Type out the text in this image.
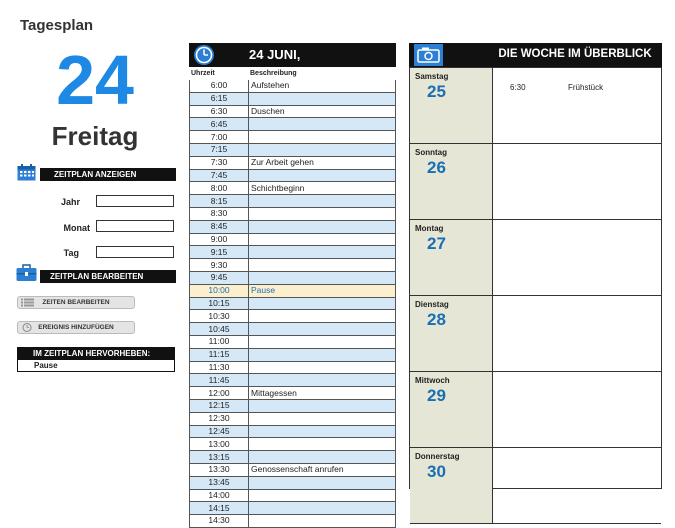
Tagesplan
24
Freitag
ZEITPLAN ANZEIGEN
Jahr
Monat
Tag
ZEITPLAN BEARBEITEN
ZEITEN BEARBEITEN
EREIGNIS HINZUFÜGEN
IM ZEITPLAN HERVORHEBEN:
Pause
24 JUNI,
Uhrzeit	Beschreibung
6:00	Aufstehen
6:15	
6:30	Duschen
6:45	
7:00	
7:15	
7:30	Zur Arbeit gehen
7:45	
8:00	Schichtbeginn
8:15	
8:30	
8:45	
9:00	
9:15	
9:30	
9:45	
10:00	Pause
10:15	
10:30	
10:45	
11:00	
11:15	
11:30	
11:45	
12:00	Mittagessen
12:15	
12:30	
12:45	
13:00	
13:15	
13:30	Genossenschaft anrufen
13:45	
14:00	
14:15	
14:30	
DIE WOCHE IM ÜBERBLICK
Samstag
25	6:30	Frühstück
Sonntag
26
Montag
27
Dienstag
28
Mittwoch
29
Donnerstag
30
